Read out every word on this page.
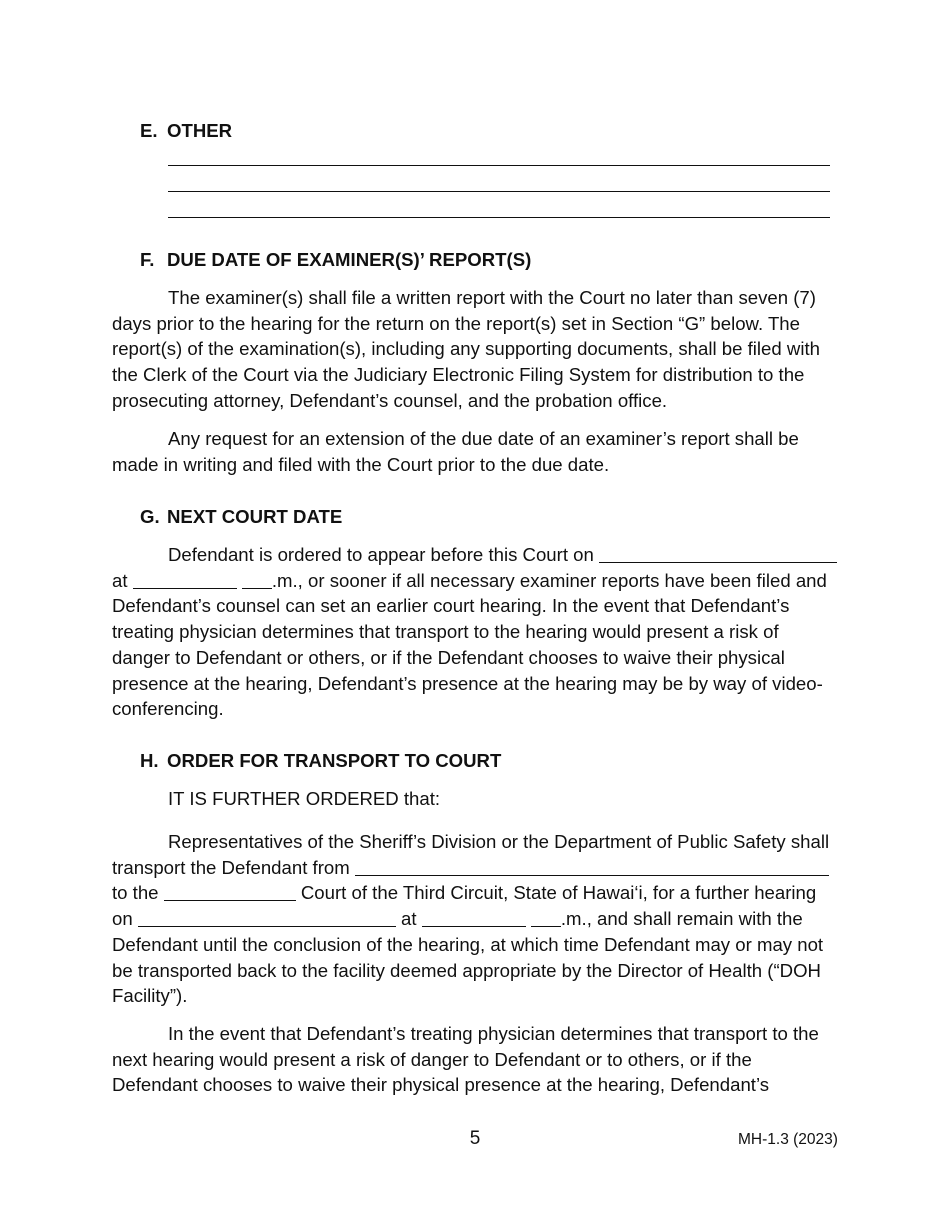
E. OTHER
F. DUE DATE OF EXAMINER(S)’ REPORT(S)
The examiner(s) shall file a written report with the Court no later than seven (7)
days prior to the hearing for the return on the report(s) set in Section “G” below. The
report(s) of the examination(s), including any supporting documents, shall be filed with
the Clerk of the Court via the Judiciary Electronic Filing System for distribution to the
prosecuting attorney, Defendant’s counsel, and the probation office.
Any request for an extension of the due date of an examiner’s report shall be
made in writing and filed with the Court prior to the due date.
G. NEXT COURT DATE
Defendant is ordered to appear before this Court on
at	.m., or sooner if all necessary examiner reports have been filed and
Defendant’s counsel can set an earlier court hearing. In the event that Defendant’s
treating physician determines that transport to the hearing would present a risk of
danger to Defendant or others, or if the Defendant chooses to waive their physical
presence at the hearing, Defendant’s presence at the hearing may be by way of video-
conferencing.
H. ORDER FOR TRANSPORT TO COURT
IT IS FURTHER ORDERED that:
Representatives of the Sheriff’s Division or the Department of Public Safety shall
transport the Defendant from
to the	Court of the Third Circuit, State of Hawai‘i, for a further hearing
on	at	.m., and shall remain with the
Defendant until the conclusion of the hearing, at which time Defendant may or may not
be transported back to the facility deemed appropriate by the Director of Health (“DOH
Facility”).
In the event that Defendant’s treating physician determines that transport to the
next hearing would present a risk of danger to Defendant or to others, or if the
Defendant chooses to waive their physical presence at the hearing, Defendant’s
5	MH-1.3 (2023)
